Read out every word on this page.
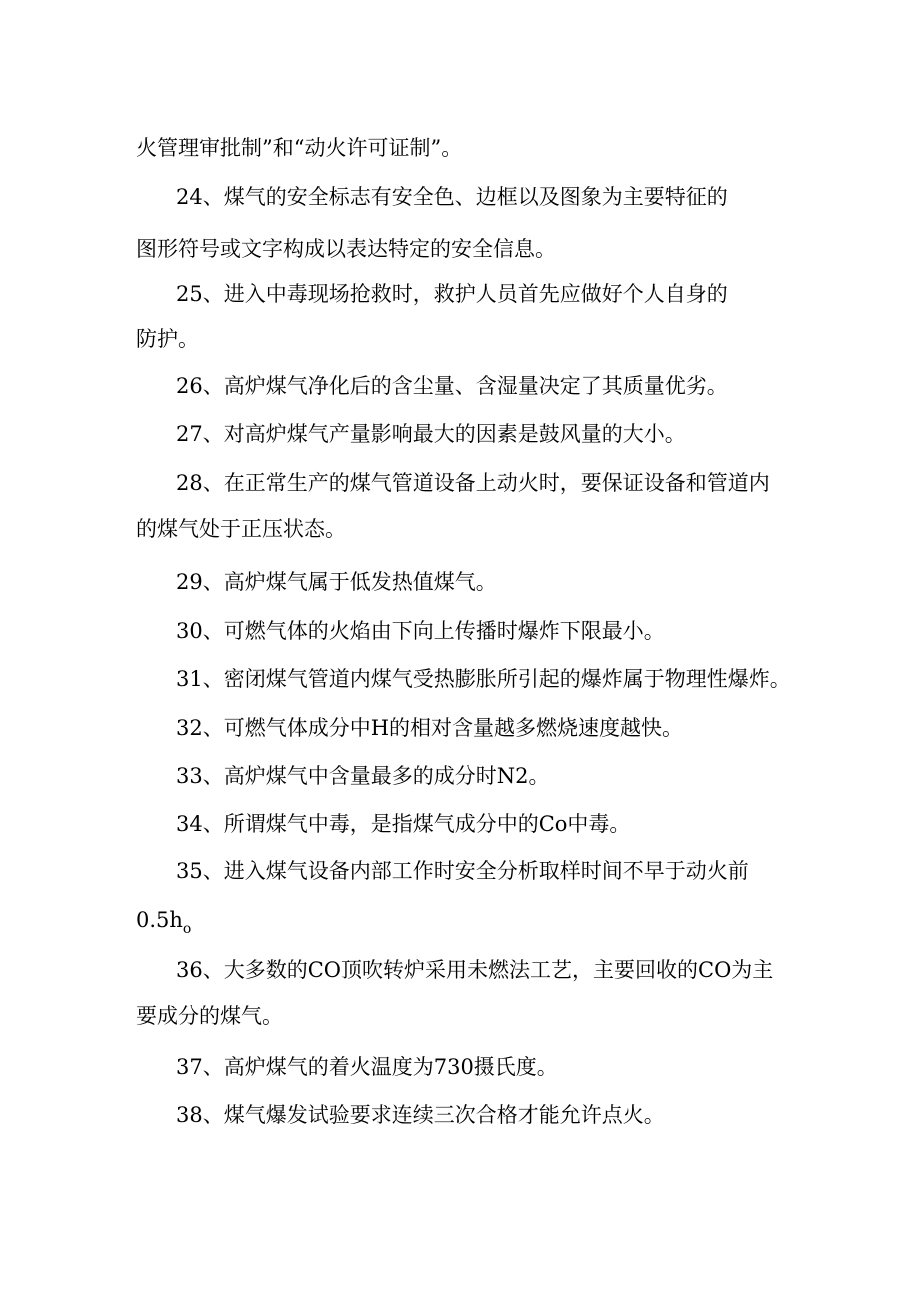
火管理审批制”和“动火许可证制”。
24、煤气的安全标志有安全色、边框以及图象为主要特征的
图形符号或文字构成以表达特定的安全信息。
25、进入中毒现场抢救时，救护人员首先应做好个人自身的
防护。
26、高炉煤气净化后的含尘量、含湿量决定了其质量优劣。
27、对高炉煤气产量影响最大的因素是鼓风量的大小。
28、在正常生产的煤气管道设备上动火时，要保证设备和管道内
的煤气处于正压状态。
29、高炉煤气属于低发热值煤气。
30、可燃气体的火焰由下向上传播时爆炸下限最小。
31、密闭煤气管道内煤气受热膨胀所引起的爆炸属于物理性爆炸。
32、可燃气体成分中H的相对含量越多燃烧速度越快。
33、高炉煤气中含量最多的成分时N2。
34、所谓煤气中毒，是指煤气成分中的Co中毒。
35、进入煤气设备内部工作时安全分析取样时间不早于动火前
$0.5h_o$
36、大多数的CO顶吹转炉采用未燃法工艺，主要回收的CO为主
要成分的煤气。
37、高炉煤气的着火温度为730摄氏度。
38、煤气爆发试验要求连续三次合格才能允许点火。
